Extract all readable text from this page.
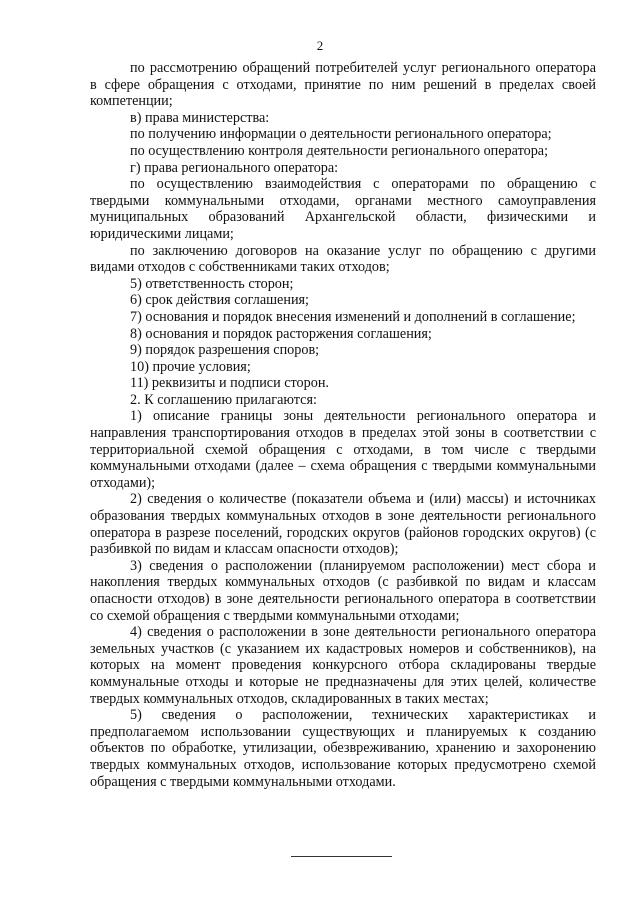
2

по рассмотрению обращений потребителей услуг регионального оператора в сфере обращения с отходами, принятие по ним решений в пределах своей компетенции;

в) права министерства:

по получению информации о деятельности регионального оператора;

по осуществлению контроля деятельности регионального оператора;

г) права регионального оператора:

по осуществлению взаимодействия с операторами по обращению с твердыми коммунальными отходами, органами местного самоуправления муниципальных образований Архангельской области, физическими и юридическими лицами;

по заключению договоров на оказание услуг по обращению с другими видами отходов с собственниками таких отходов;

5) ответственность сторон;

6) срок действия соглашения;

7) основания и порядок внесения изменений и дополнений в соглашение;

8) основания и порядок расторжения соглашения;

9) порядок разрешения споров;

10) прочие условия;

11) реквизиты и подписи сторон.

2. К соглашению прилагаются:

1) описание границы зоны деятельности регионального оператора и направления транспортирования отходов в пределах этой зоны в соответствии с территориальной схемой обращения с отходами, в том числе с твердыми коммунальными отходами (далее – схема обращения с твердыми коммунальными отходами);

2) сведения о количестве (показатели объема и (или) массы) и источниках образования твердых коммунальных отходов в зоне деятельности регионального оператора в разрезе поселений, городских округов (районов городских округов) (с разбивкой по видам и классам опасности отходов);

3) сведения о расположении (планируемом расположении) мест сбора и накопления твердых коммунальных отходов (с разбивкой по видам и классам опасности отходов) в зоне деятельности регионального оператора в соответствии со схемой обращения с твердыми коммунальными отходами;

4) сведения о расположении в зоне деятельности регионального оператора земельных участков (с указанием их кадастровых номеров и собственников), на которых на момент проведения конкурсного отбора складированы твердые коммунальные отходы и которые не предназначены для этих целей, количестве твердых коммунальных отходов, складированных в таких местах;

5) сведения о расположении, технических характеристиках и предполагаемом использовании существующих и планируемых к созданию объектов по обработке, утилизации, обезвреживанию, хранению и захоронению твердых коммунальных отходов, использование которых предусмотрено схемой обращения с твердыми коммунальными отходами.
